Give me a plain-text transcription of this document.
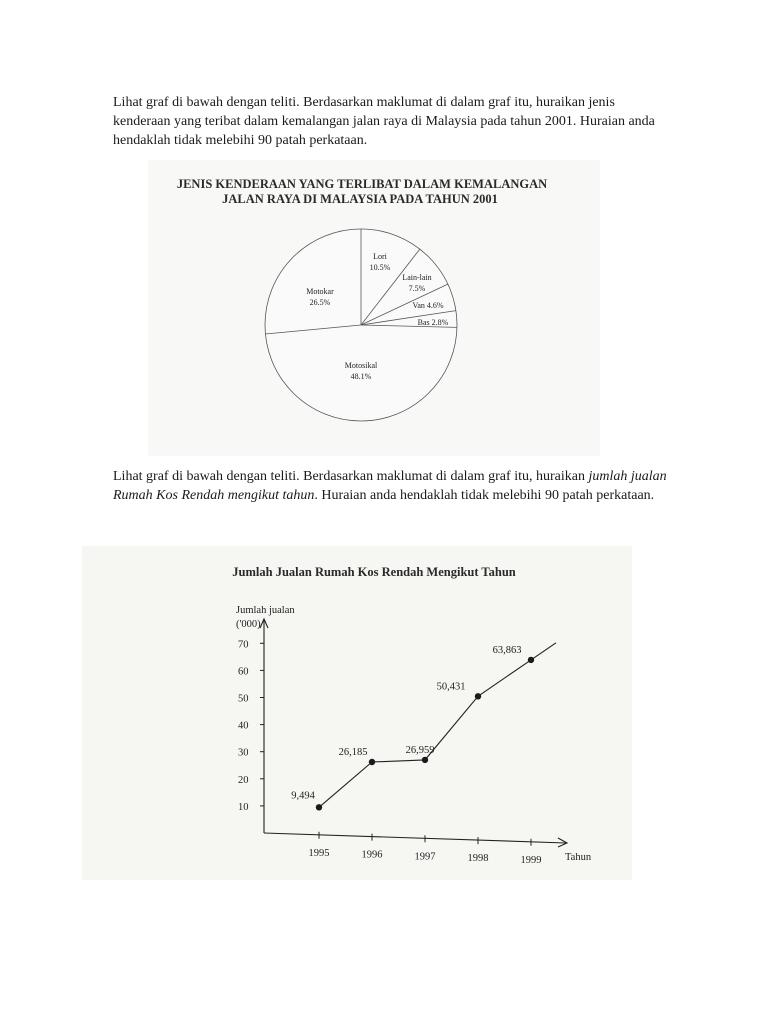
Lihat graf di bawah dengan teliti. Berdasarkan maklumat di dalam graf itu, huraikan jenis kenderaan yang teribat dalam kemalangan jalan raya di Malaysia pada tahun 2001. Huraian anda hendaklah tidak melebihi 90 patah perkataan.

Lihat graf di bawah dengan teliti. Berdasarkan maklumat di dalam graf itu, huraikan jumlah jualan Rumah Kos Rendah mengikut tahun. Huraian anda hendaklah tidak melebihi 90 patah perkataan.

JENIS KENDERAAN YANG TERLIBAT DALAM KEMALANGAN
JALAN RAYA DI MALAYSIA PADA TAHUN 2001
Lori
10.5%
Lain-lain
7.5%
Van 4.6%
Bas 2.8%
Motosikal
48.1%
Motokar
26.5%
Jumlah Jualan Rumah Kos Rendah Mengikut Tahun
Jumlah jualan
('000)
Tahun
10
20
30
40
50
60
70
1995	1996	1997	1998	1999
9,494
26,185	26,959
50,431
63,863
